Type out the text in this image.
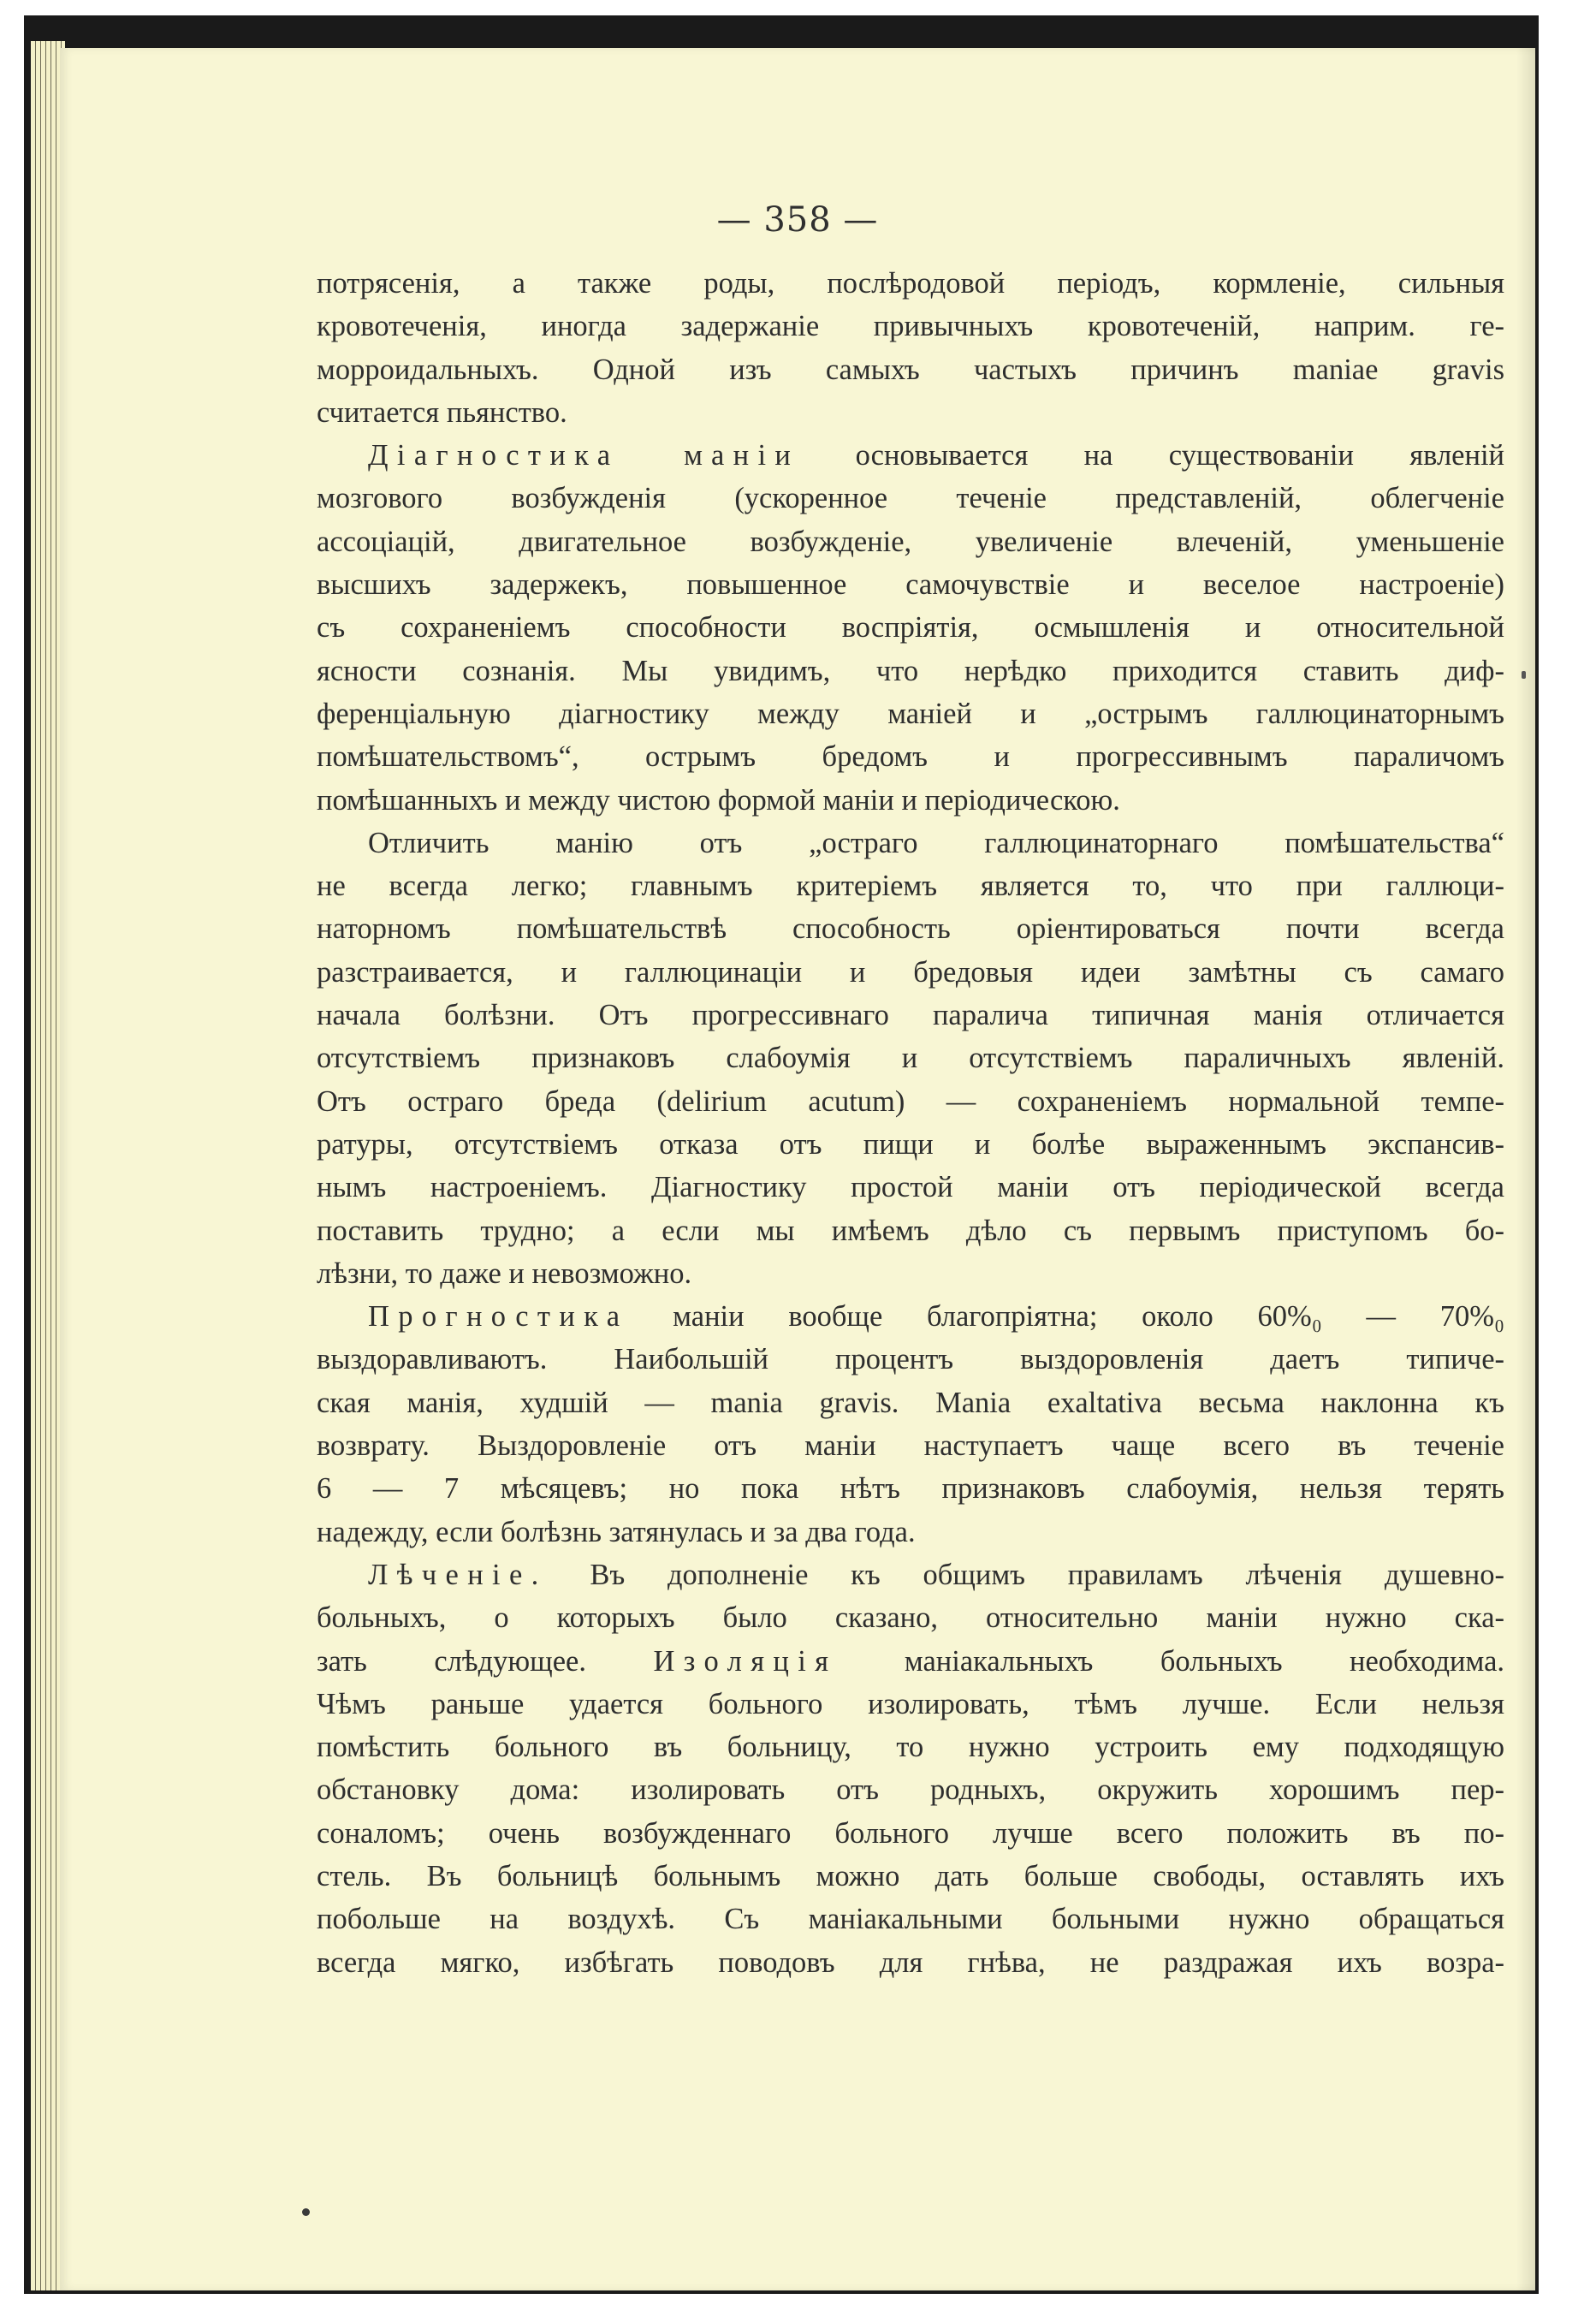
— 358 —

потрясенія, а также роды, послѣродовой періодъ, кормленіе, сильныя

кровотеченія, иногда задержаніе привычныхъ кровотеченій, наприм. ге-

морроидальныхъ. Одной изъ самыхъ частыхъ причинъ maniae gravis

считается пьянство.

Діагностика маніи основывается на существованіи явленій

мозгового возбужденія (ускоренное теченіе представленій, облегченіе

ассоціацій, двигательное возбужденіе, увеличеніе влеченій, уменьшеніе

высшихъ задержекъ, повышенное самочувствіе и веселое настроеніе)

съ сохраненіемъ способности воспріятія, осмышленія и относительной

ясности сознанія. Мы увидимъ, что нерѣдко приходится ставить диф-

ференціальную діагностику между маніей и „острымъ галлюцинаторнымъ

помѣшательствомъ“, острымъ бредомъ и прогрессивнымъ параличомъ

помѣшанныхъ и между чистою формой маніи и періодическою.

Отличить манію отъ „остраго галлюцинаторнаго помѣшательства“

не всегда легко; главнымъ критеріемъ является то, что при галлюци-

наторномъ помѣшательствѣ способность оріентироваться почти всегда

разстраивается, и галлюцинаціи и бредовыя идеи замѣтны съ самаго

начала болѣзни. Отъ прогрессивнаго паралича типичная манія отличается

отсутствіемъ признаковъ слабоумія и отсутствіемъ параличныхъ явленій.

Отъ остраго бреда (delirium acutum) — сохраненіемъ нормальной темпе-

ратуры, отсутствіемъ отказа отъ пищи и болѣе выраженнымъ экспансив-

нымъ настроеніемъ. Діагностику простой маніи отъ періодической всегда

поставить трудно; а если мы имѣемъ дѣло съ первымъ приступомъ бо-

лѣзни, то даже и невозможно.

Прогностика маніи вообще благопріятна; около 60%₀ — 70%₀

выздоравливаютъ. Наибольшій процентъ выздоровленія даетъ типиче-

ская манія, худшій — mania gravis. Mania exaltativa весьма наклонна къ

возврату. Выздоровленіе отъ маніи наступаетъ чаще всего въ теченіе

6 — 7 мѣсяцевъ; но пока нѣтъ признаковъ слабоумія, нельзя терять

надежду, если болѣзнь затянулась и за два года.

Лѣченіе. Въ дополненіе къ общимъ правиламъ лѣченія душевно-

больныхъ, о которыхъ было сказано, относительно маніи нужно ска-

зать слѣдующее. Изоляція маніакальныхъ больныхъ необходима.

Чѣмъ раньше удается больного изолировать, тѣмъ лучше. Если нельзя

помѣстить больного въ больницу, то нужно устроить ему подходящую

обстановку дома: изолировать отъ родныхъ, окружить хорошимъ пер-

соналомъ; очень возбужденнаго больного лучше всего положить въ по-

стель. Въ больницѣ больнымъ можно дать больше свободы, оставлять ихъ

побольше на воздухѣ. Съ маніакальными больными нужно обращаться

всегда мягко, избѣгать поводовъ для гнѣва, не раздражая ихъ возра-
